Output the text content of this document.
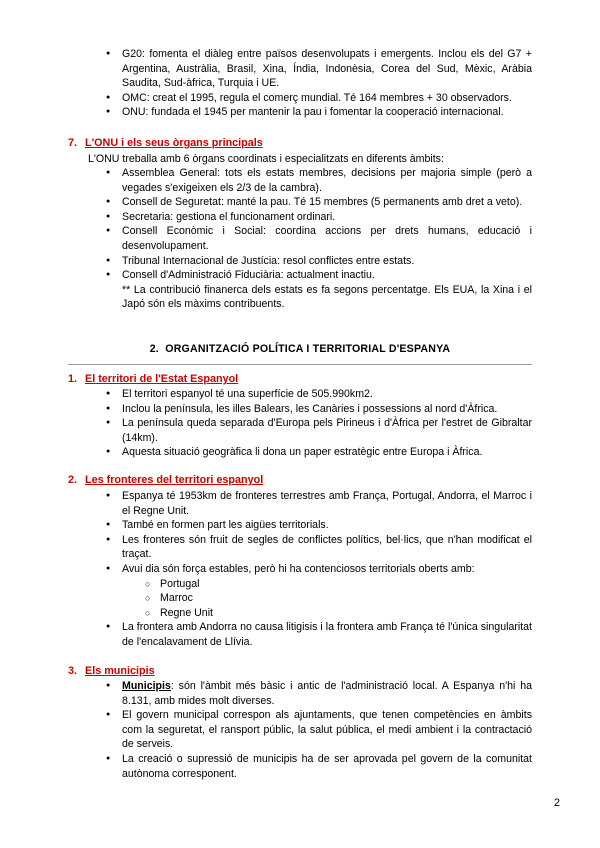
● G20: fomenta el diàleg entre països desenvolupats i emergents. Inclou els del G7 + Argentina, Austràlia, Brasil, Xina, Índia, Indonèsia, Corea del Sud, Mèxic, Aràbia Saudita, Sud-àfrica, Turquia i UE.
● OMC: creat el 1995, regula el comerç mundial. Té 164 membres + 30 observadors.
● ONU: fundada el 1945 per mantenir la pau i fomentar la cooperació internacional.
7. L'ONU i els seus òrgans principals
L'ONU treballa amb 6 òrgans coordinats i especialitzats en diferents àmbits:
● Assemblea General: tots els estats membres, decisions per majoria simple (però a vegades s'exigeixen els 2/3 de la cambra).
● Consell de Seguretat: manté la pau. Té 15 membres (5 permanents amb dret a veto).
● Secretaria: gestiona el funcionament ordinari.
● Consell Econòmic i Social: coordina accions per drets humans, educació i desenvolupament.
● Tribunal Internacional de Justícia: resol conflictes entre estats.
● Consell d'Administració Fiduciària: actualment inactiu.
** La contribució finanerca dels estats es fa segons percentatge. Els EUA, la Xina i el Japó són els màxims contribuents.
2. ORGANITZACIÓ POLÍTICA I TERRITORIAL D'ESPANYA
1. El territori de l'Estat Espanyol
● El territori espanyol té una superfície de 505.990km2.
● Inclou la península, les illes Balears, les Canàries i possessions al nord d'Àfrica.
● La península queda separada d'Europa pels Pirineus i d'Àfrica per l'estret de Gibraltar (14km).
● Aquesta situació geogràfica li dona un paper estratègic entre Europa i Àfrica.
2. Les fronteres del territori espanyol
● Espanya té 1953km de fronteres terrestres amb França, Portugal, Andorra, el Marroc i el Regne Unit.
● També en formen part les aigües territorials.
● Les fronteres són fruit de segles de conflictes polítics, bel·lics, que n'han modificat el traçat.
● Avui dia són força estables, però hi ha contenciosos territorials oberts amb:
○ Portugal
○ Marroc
○ Regne Unit
● La frontera amb Andorra no causa litigisis i la frontera amb França té l'única singularitat de l'encalavament de Llívia.
3. Els municipis
● Municipis: són l'àmbit més bàsic i antic de l'administració local. A Espanya n'hi ha 8.131, amb mides molt diverses.
● El govern municipal correspon als ajuntaments, que tenen competències en àmbits com la seguretat, el ransport públic, la salut pública, el medi ambient i la contractació de serveis.
● La creació o supressió de municipis ha de ser aprovada pel govern de la comunitat autònoma corresponent.
2
